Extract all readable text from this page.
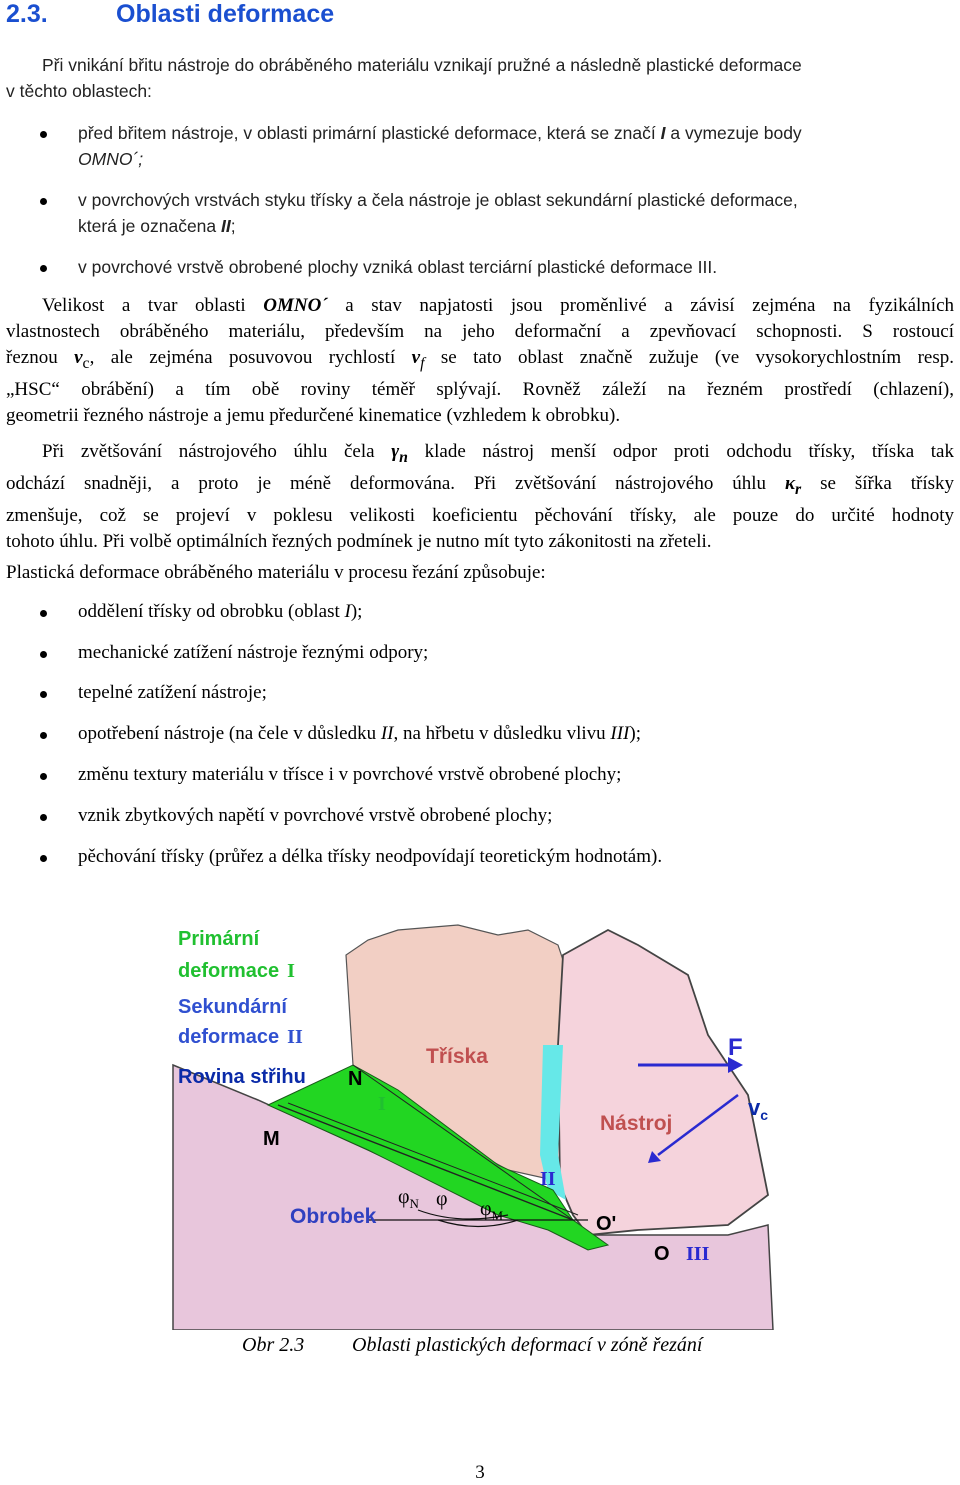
2.3.	Oblasti deformace
Při vnikání břitu nástroje do obráběného materiálu vznikají pružné a následně plastické deformace
v těchto oblastech:
před břitem nástroje, v oblasti primární plastické deformace, která se značí I a vymezuje body
OMNO´;
v povrchových vrstvách styku třísky a čela nástroje je oblast sekundární plastické deformace,
která je označena II;
v povrchové vrstvě obrobené plochy vzniká oblast terciární plastické deformace III.
Velikost a tvar oblasti OMNO´ a stav napjatosti jsou proměnlivé a závisí zejména na fyzikálních
vlastnostech obráběného materiálu, především na jeho deformační a zpevňovací schopnosti. S rostoucí
řeznou $v_c$, ale zejména posuvovou rychlostí $v_f$ se tato oblast značně zužuje (ve vysokorychlostním resp.
„HSC“ obrábění) a tím obě roviny téměř splývají. Rovněž záleží na řezném prostředí (chlazení),
geometrii řezného nástroje a jemu předurčené kinematice (vzhledem k obrobku).
Při zvětšování nástrojového úhlu čela $\gamma_n$ klade nástroj menší odpor proti odchodu třísky, tříska tak
odchází snadněji, a proto je méně deformována. Při zvětšování nástrojového úhlu $\kappa_r$ se šířka třísky
zmenšuje, což se projeví v poklesu velikosti koeficientu pěchování třísky, ale pouze do určité hodnoty
tohoto úhlu. Při volbě optimálních řezných podmínek je nutno mít tyto zákonitosti na zřeteli.
Plastická deformace obráběného materiálu v procesu řezání způsobuje:
oddělení třísky od obrobku (oblast I);
mechanické zatížení nástroje řeznými odpory;
tepelné zatížení nástroje;
opotřebení nástroje (na čele v důsledku II, na hřbetu v důsledku vlivu III);
změnu textury materiálu v třísce i v povrchové vrstvě obrobené plochy;
vznik zbytkových napětí v povrchové vrstvě obrobené plochy;
pěchování třísky (průřez a délka třísky neodpovídají teoretickým hodnotám).
Primární
deformace I
Sekundární
deformace II
Rovina střihu
Tříska
Nástroj
Obrobek
F
$v_c$
N
M
O'
O
I
II
III
$\varphi_N$ φ $\varphi_M$
Obr 2.3 Oblasti plastických deformací v zóně řezání
3
